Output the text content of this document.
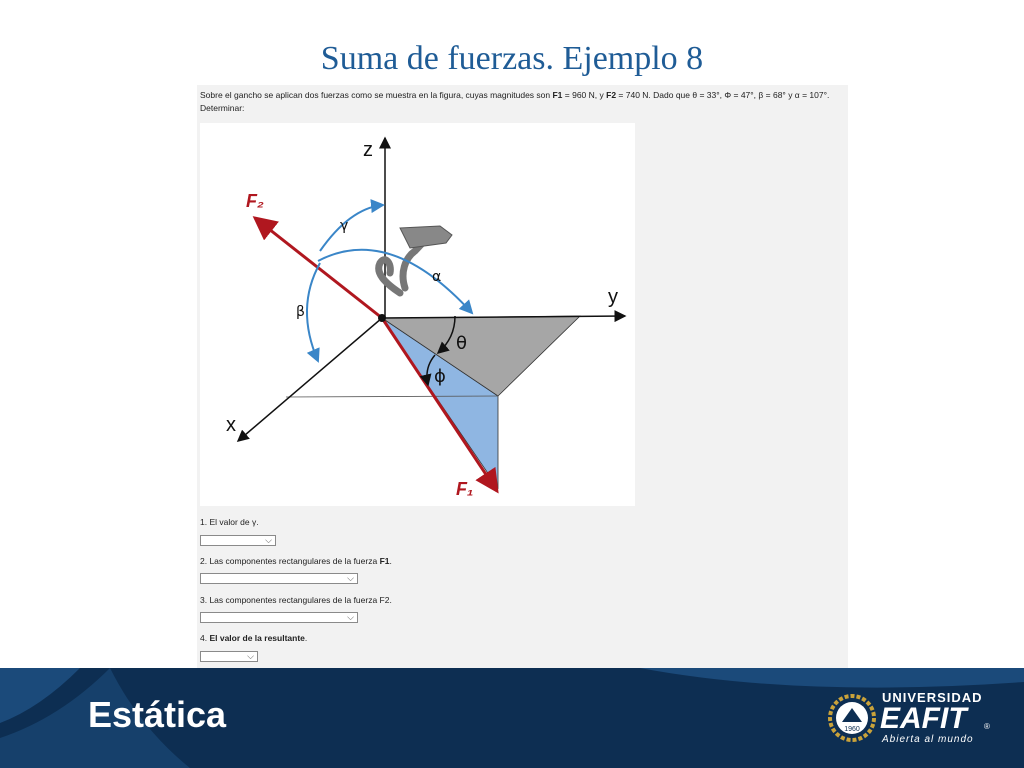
Suma de fuerzas. Ejemplo 8
Sobre el gancho se aplican dos fuerzas como se muestra en la figura, cuyas magnitudes son F1 = 960 N, y F2 = 740 N. Dado que θ = 33°, Φ = 47°, β = 68° y α = 107°. Determinar:
z
y
x
F₂
F₁
γ
α
β
θ
ϕ
1. El valor de γ.
⌵
2. Las componentes rectangulares de la fuerza F1.
⌵
3. Las componentes rectangulares de la fuerza F2.
⌵
4. El valor de la resultante.
⌵
Estática	1960
UNIVERSIDAD
EAFIT ®
Abierta al mundo
